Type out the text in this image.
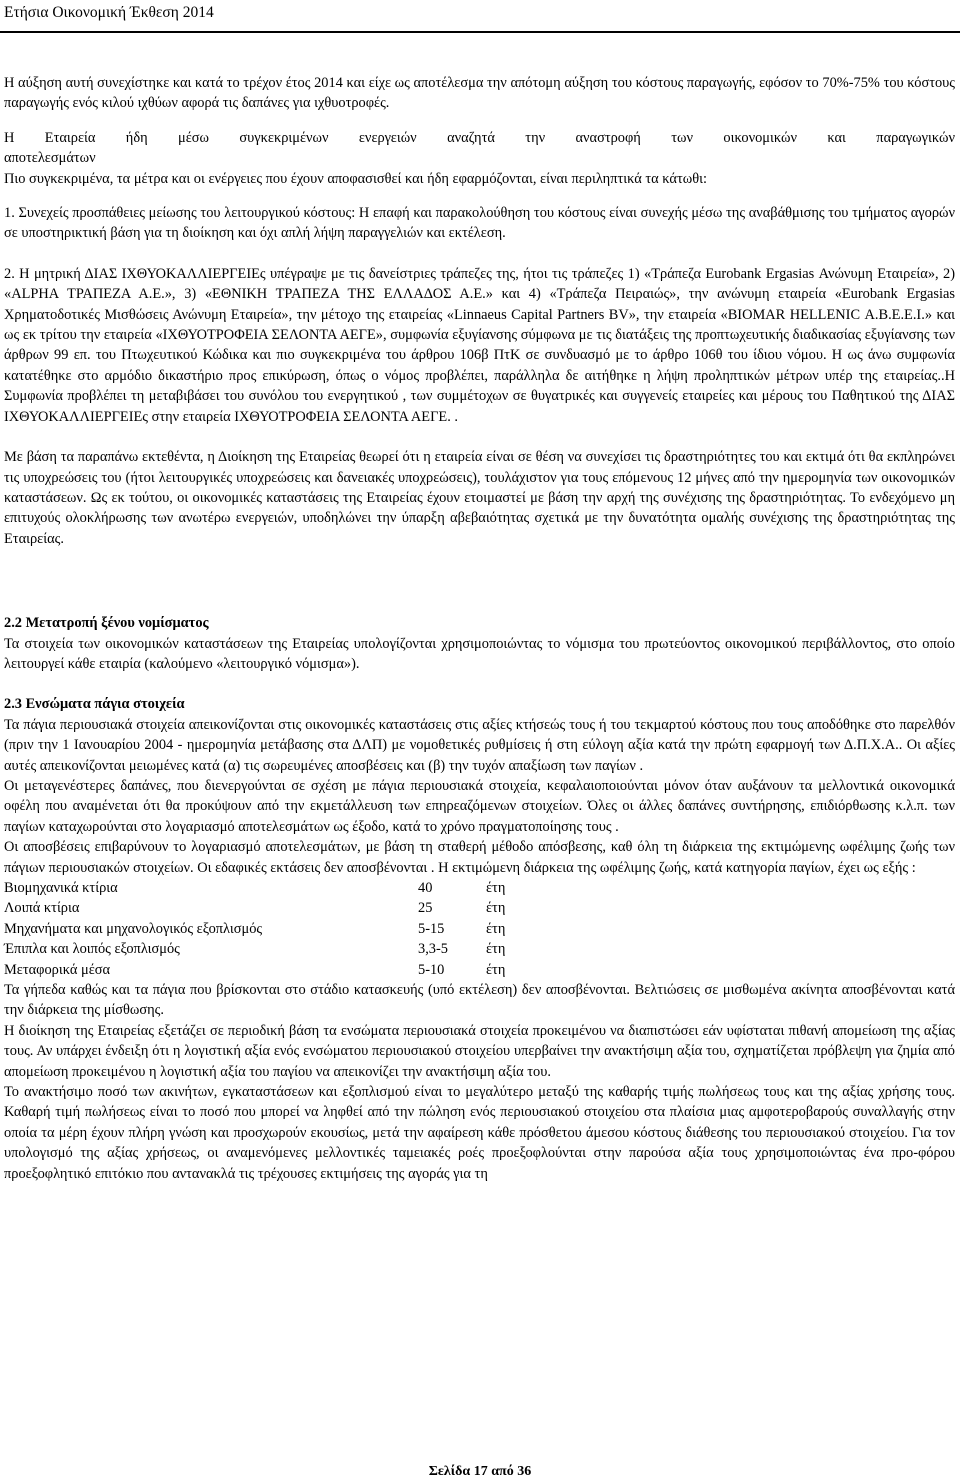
Ετήσια Οικονομική Έκθεση 2014

Η αύξηση αυτή συνεχίστηκε και κατά το τρέχον έτος 2014 και είχε ως αποτέλεσμα την απότομη αύξηση του κόστους παραγωγής, εφόσον το 70%-75% του κόστους παραγωγής ενός κιλού ιχθύων αφορά τις δαπάνες για ιχθυοτροφές.

Η Εταιρεία ήδη μέσω συγκεκριμένων ενεργειών αναζητά την αναστροφή των οικονομικών και παραγωγικών
αποτελεσμάτων

Πιο συγκεκριμένα, τα μέτρα και οι ενέργειες που έχουν αποφασισθεί και ήδη εφαρμόζονται, είναι περιληπτικά τα κάτωθι:

1. Συνεχείς προσπάθειες μείωσης του λειτουργικού κόστους: Η επαφή και παρακολούθηση του κόστους είναι συνεχής μέσω της αναβάθμισης του τμήματος αγορών σε υποστηρικτική βάση για τη διοίκηση και όχι απλή λήψη παραγγελιών και εκτέλεση.

2. Η μητρική ΔΙΑΣ ΙΧΘΥΟΚΑΛΛΙΕΡΓΕΙΕς υπέγραψε με τις δανείστριες τράπεζες της, ήτοι τις τράπεζες 1) «Τράπεζα Eurobank Ergasias Ανώνυμη Εταιρεία», 2) «ALPHA ΤΡΑΠΕΖΑ Α.Ε.», 3) «ΕΘΝΙΚΗ ΤΡΑΠΕΖΑ ΤΗΣ ΕΛΛΑΔΟΣ Α.Ε.» και 4) «Τράπεζα Πειραιώς», την ανώνυμη εταιρεία «Eurobank Ergasias Χρηματοδοτικές Μισθώσεις Ανώνυμη Εταιρεία», την μέτοχο της εταιρείας «Linnaeus Capital Partners BV», την εταιρεία «BIOMAR HELLENIC Α.Β.Ε.Ε.Ι.» και ως εκ τρίτου την εταιρεία «ΙΧΘΥΟΤΡΟΦΕΙΑ ΣΕΛΟΝΤΑ ΑΕΓΕ», συμφωνία εξυγίανσης σύμφωνα με τις διατάξεις της προπτωχευτικής διαδικασίας εξυγίανσης των άρθρων 99 επ. του Πτωχευτικού Κώδικα και πιο συγκεκριμένα του άρθρου 106β ΠτΚ σε συνδυασμό με το άρθρο 106θ του ίδιου νόμου. Η ως άνω συμφωνία κατατέθηκε στο αρμόδιο δικαστήριο προς επικύρωση, όπως ο νόμος προβλέπει, παράλληλα δε αιτήθηκε η λήψη προληπτικών μέτρων υπέρ της εταιρείας..Η Συμφωνία προβλέπει τη μεταβιβάσει του συνόλου του ενεργητικού , των συμμέτοχων σε θυγατρικές και συγγενείς εταιρείες και μέρους του Παθητικού της ΔΙΑΣ ΙΧΘΥΟΚΑΛΛΙΕΡΓΕΙΕς στην εταιρεία ΙΧΘΥΟΤΡΟΦΕΙΑ ΣΕΛΟΝΤΑ ΑΕΓΕ. .

Με βάση τα παραπάνω εκτεθέντα, η Διοίκηση της Εταιρείας θεωρεί ότι η εταιρεία είναι σε θέση να συνεχίσει τις δραστηριότητες του και εκτιμά ότι θα εκπληρώνει τις υποχρεώσεις του (ήτοι λειτουργικές υποχρεώσεις και δανειακές υποχρεώσεις), τουλάχιστον για τους επόμενους 12 μήνες από την ημερομηνία των οικονομικών καταστάσεων. Ως εκ τούτου, οι οικονομικές καταστάσεις της Εταιρείας έχουν ετοιμαστεί με βάση την αρχή της συνέχισης της δραστηριότητας. Το ενδεχόμενο μη επιτυχούς ολοκλήρωσης των ανωτέρω ενεργειών, υποδηλώνει την ύπαρξη αβεβαιότητας σχετικά με την δυνατότητα ομαλής συνέχισης της δραστηριότητας της Εταιρείας.

2.2 Μετατροπή ξένου νομίσματος

Τα στοιχεία των οικονομικών καταστάσεων της Εταιρείας υπολογίζονται χρησιμοποιώντας το νόμισμα του πρωτεύοντος οικονομικού περιβάλλοντος, στο οποίο λειτουργεί κάθε εταιρία (καλούμενο «λειτουργικό νόμισμα»).

2.3 Ενσώματα πάγια στοιχεία

Τα πάγια περιουσιακά στοιχεία απεικονίζονται στις οικονομικές καταστάσεις στις αξίες κτήσεώς τους ή του τεκμαρτού κόστους που τους αποδόθηκε στο παρελθόν (πριν την 1 Ιανουαρίου 2004 - ημερομηνία μετάβασης στα ΔΛΠ) με νομοθετικές ρυθμίσεις ή στη εύλογη αξία κατά την πρώτη εφαρμογή των Δ.Π.Χ.Α.. Οι αξίες αυτές απεικονίζονται μειωμένες κατά (α) τις σωρευμένες αποσβέσεις και (β) την τυχόν απαξίωση των παγίων .

Οι μεταγενέστερες δαπάνες, που διενεργούνται σε σχέση με πάγια περιουσιακά στοιχεία, κεφαλαιοποιούνται μόνον όταν αυξάνουν τα μελλοντικά οικονομικά οφέλη που αναμένεται ότι θα προκύψουν από την εκμετάλλευση των επηρεαζόμενων στοιχείων. Όλες οι άλλες δαπάνες συντήρησης, επιδιόρθωσης κ.λ.π. των παγίων καταχωρούνται στο λογαριασμό αποτελεσμάτων ως έξοδο, κατά το χρόνο πραγματοποίησης τους .

Οι αποσβέσεις επιβαρύνουν το λογαριασμό αποτελεσμάτων, με βάση τη σταθερή μέθοδο απόσβεσης, καθ όλη τη διάρκεια της εκτιμώμενης ωφέλιμης ζωής των πάγιων περιουσιακών στοιχείων. Οι εδαφικές εκτάσεις δεν αποσβένονται . Η εκτιμώμενη διάρκεια της ωφέλιμης ζωής, κατά κατηγορία παγίων, έχει ως εξής :

Βιομηχανικά κτίρια	40	έτη
Λοιπά κτίρια	25	έτη
Μηχανήματα και μηχανολογικός εξοπλισμός	5-15	έτη
Έπιπλα και λοιπός εξοπλισμός	3,3-5	έτη
Μεταφορικά μέσα	5-10	έτη

Τα γήπεδα καθώς και τα πάγια που βρίσκονται στο στάδιο κατασκευής (υπό εκτέλεση) δεν αποσβένονται. Βελτιώσεις σε μισθωμένα ακίνητα αποσβένονται κατά την διάρκεια της μίσθωσης.

Η διοίκηση της Εταιρείας εξετάζει σε περιοδική βάση τα ενσώματα περιουσιακά στοιχεία προκειμένου να διαπιστώσει εάν υφίσταται πιθανή απομείωση της αξίας τους. Αν υπάρχει ένδειξη ότι η λογιστική αξία ενός ενσώματου περιουσιακού στοιχείου υπερβαίνει την ανακτήσιμη αξία του, σχηματίζεται πρόβλεψη για ζημία από απομείωση προκειμένου η λογιστική αξία του παγίου να απεικονίζει την ανακτήσιμη αξία του.

Το ανακτήσιμο ποσό των ακινήτων, εγκαταστάσεων και εξοπλισμού είναι το μεγαλύτερο μεταξύ της καθαρής τιμής πωλήσεως τους και της αξίας χρήσης τους. Καθαρή τιμή πωλήσεως είναι το ποσό που μπορεί να ληφθεί από την πώληση ενός περιουσιακού στοιχείου στα πλαίσια μιας αμφοτεροβαρούς συναλλαγής στην οποία τα μέρη έχουν πλήρη γνώση και προσχωρούν εκουσίως, μετά την αφαίρεση κάθε πρόσθετου άμεσου κόστους διάθεσης του περιουσιακού στοιχείου. Για τον υπολογισμό της αξίας χρήσεως, οι αναμενόμενες μελλοντικές ταμειακές ροές προεξοφλούνται στην παρούσα αξία τους χρησιμοποιώντας ένα προ-φόρου προεξοφλητικό επιτόκιο που αντανακλά τις τρέχουσες εκτιμήσεις της αγοράς για τη

Σελίδα 17 από 36
